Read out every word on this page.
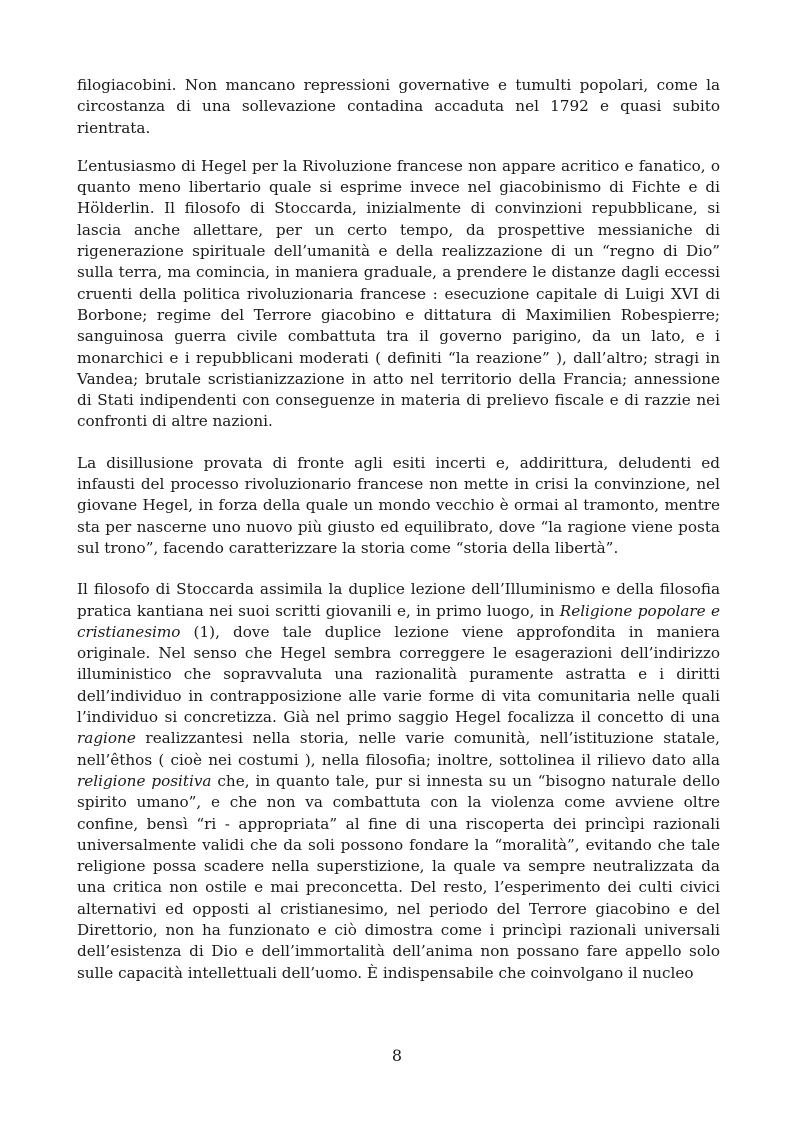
filogiacobini. Non mancano repressioni governative e tumulti popolari, come la circostanza di una sollevazione contadina accaduta nel 1792 e quasi subito rientrata.

L’entusiasmo di Hegel per la Rivoluzione francese non appare acritico e fanatico, o quanto meno libertario quale si esprime invece nel giacobinismo di Fichte e di Hölderlin. Il filosofo di Stoccarda, inizialmente di convinzioni repubblicane, si lascia anche allettare, per un certo tempo, da prospettive messianiche di rigenerazione spirituale dell’umanità e della realizzazione di un “regno di Dio” sulla terra, ma comincia, in maniera graduale, a prendere le distanze dagli eccessi cruenti della politica rivoluzionaria francese : esecuzione capitale di Luigi XVI di Borbone; regime del Terrore giacobino e dittatura di Maximilien Robespierre; sanguinosa guerra civile combattuta tra il governo parigino, da un lato, e i monarchici e i repubblicani moderati ( definiti “la reazione” ), dall’altro; stragi in Vandea; brutale scristianizzazione in atto nel territorio della Francia; annessione di Stati indipendenti con conseguenze in materia di prelievo fiscale e di razzie nei confronti di altre nazioni.

La disillusione provata di fronte agli esiti incerti e, addirittura, deludenti ed infausti del processo rivoluzionario francese non mette in crisi la convinzione, nel giovane Hegel, in forza della quale un mondo vecchio è ormai al tramonto, mentre sta per nascerne uno nuovo più giusto ed equilibrato, dove “la ragione viene posta sul trono”, facendo caratterizzare la storia come “storia della libertà”.

Il filosofo di Stoccarda assimila la duplice lezione dell’Illuminismo e della filosofia pratica kantiana nei suoi scritti giovanili e, in primo luogo, in Religione popolare e cristianesimo (1), dove tale duplice lezione viene approfondita in maniera originale. Nel senso che Hegel sembra correggere le esagerazioni dell’indirizzo illuministico che sopravvaluta una razionalità puramente astratta e i diritti dell’individuo in contrapposizione alle varie forme di vita comunitaria nelle quali l’individuo si concretizza. Già nel primo saggio Hegel focalizza il concetto di una ragione realizzantesi nella storia, nelle varie comunità, nell’istituzione statale, nell’êthos ( cioè nei costumi ), nella filosofia; inoltre, sottolinea il rilievo dato alla religione positiva che, in quanto tale, pur si innesta su un “bisogno naturale dello spirito umano”, e che non va combattuta con la violenza come avviene oltre confine, bensì “ri - appropriata” al fine di una riscoperta dei princìpi razionali universalmente validi che da soli possono fondare la “moralità”, evitando che tale religione possa scadere nella superstizione, la quale va sempre neutralizzata da una critica non ostile e mai preconcetta. Del resto, l’esperimento dei culti civici alternativi ed opposti al cristianesimo, nel periodo del Terrore giacobino e del Direttorio, non ha funzionato e ciò dimostra come i princìpi razionali universali dell’esistenza di Dio e dell’immortalità dell’anima non possano fare appello solo sulle capacità intellettuali dell’uomo. È indispensabile che coinvolgano il nucleo

8
